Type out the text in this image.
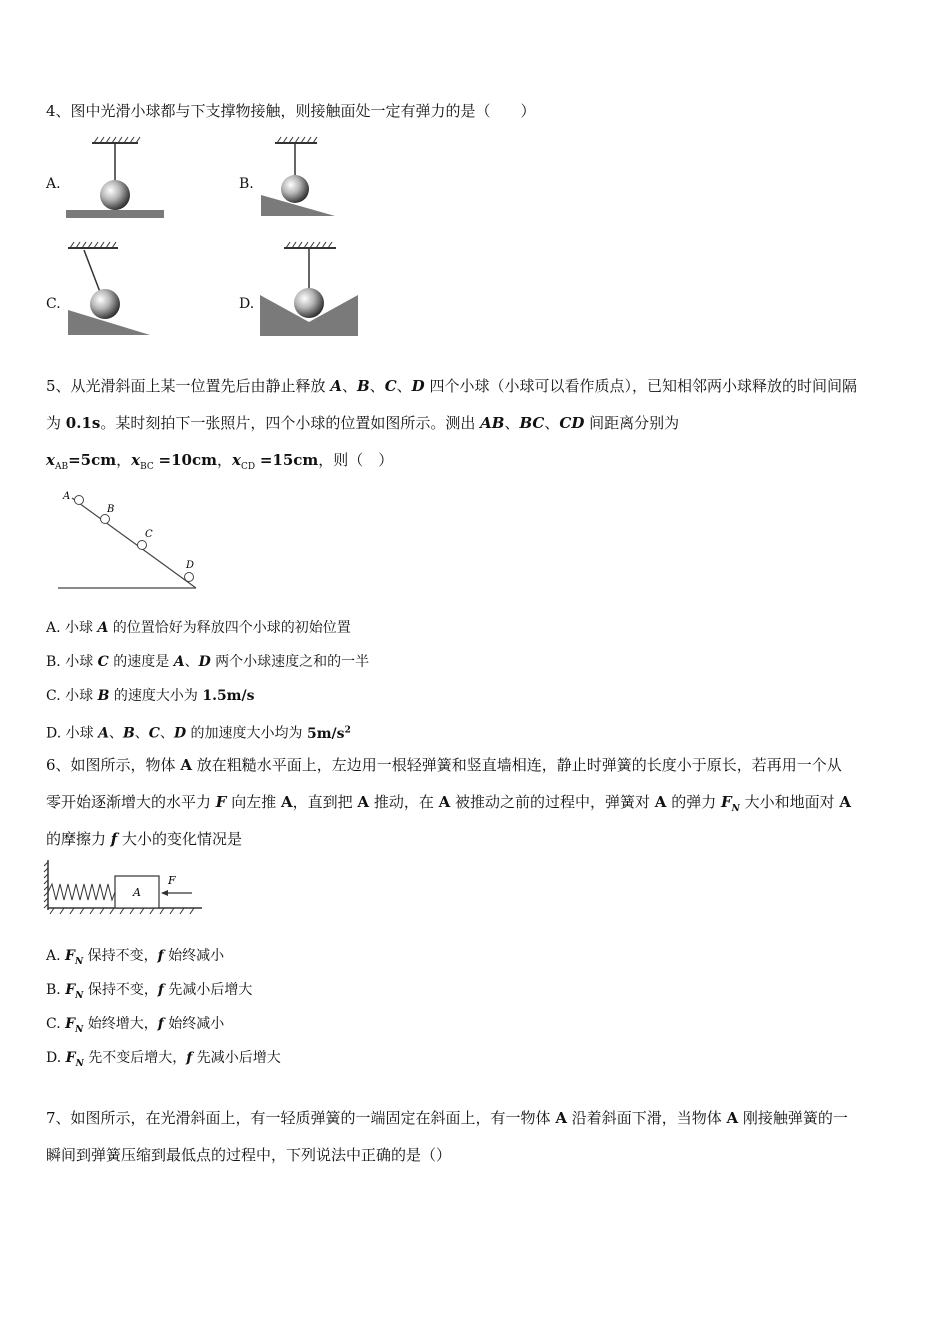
4、图中光滑小球都与下支撑物接触，则接触面处一定有弹力的是（　　）
A.	B.
C.	D.
5、从光滑斜面上某一位置先后由静止释放 A、B、C、D 四个小球（小球可以看作质点），已知相邻两小球释放的时间间隔
为 0.1s。某时刻拍下一张照片，四个小球的位置如图所示。测出 AB、BC、CD 间距离分别为
$x_{AB}=5cm$，$x_{BC} =10cm$，$x_{CD} =15cm$，则（　）
A
B
C
D
A. 小球 A 的位置恰好为释放四个小球的初始位置
B. 小球 C 的速度是 A、D 两个小球速度之和的一半
C. 小球 B 的速度大小为 1.5m/s
D. 小球 A、B、C、D 的加速度大小均为 $5m/s^2$
6、如图所示，物体 A 放在粗糙水平面上，左边用一根轻弹簧和竖直墙相连，静止时弹簧的长度小于原长，若再用一个从
零开始逐渐增大的水平力 F 向左推 A，直到把 A 推动，在 A 被推动之前的过程中，弹簧对 A 的弹力 $F_N$ 大小和地面对 A
的摩擦力 f 大小的变化情况是
A
F
A. $F_N$ 保持不变，f 始终减小
B. $F_N$ 保持不变，f 先减小后增大
C. $F_N$ 始终增大，f 始终减小
D. $F_N$ 先不变后增大，f 先减小后增大
7、如图所示，在光滑斜面上，有一轻质弹簧的一端固定在斜面上，有一物体 A 沿着斜面下滑，当物体 A 刚接触弹簧的一
瞬间到弹簧压缩到最低点的过程中，下列说法中正确的是（）
